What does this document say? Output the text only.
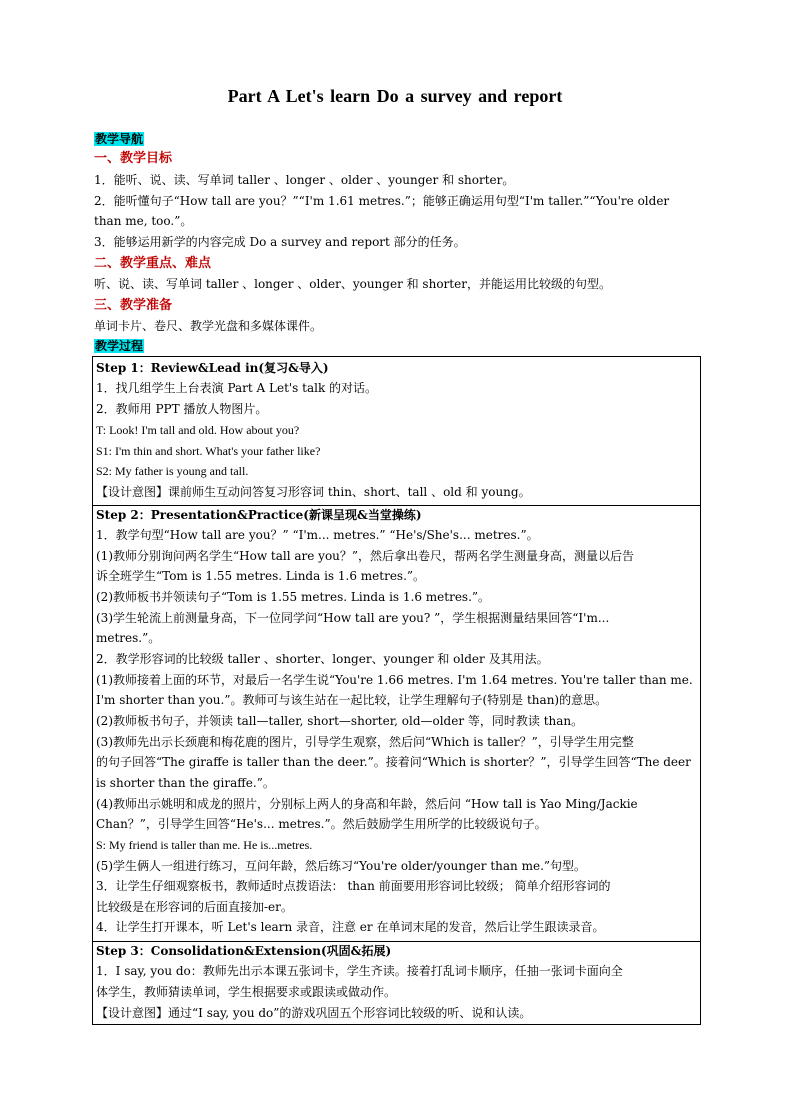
Part A Let's learn Do a survey and report
教学导航
一、教学目标
1．能听、说、读、写单词 taller 、longer 、older 、younger 和 shorter。
2．能听懂句子“How tall are you？”“I'm 1.61 metres.”；能够正确运用句型“I'm taller.”“You're older
than me, too.”。
3．能够运用新学的内容完成 Do a survey and report 部分的任务。
二、教学重点、难点
听、说、读、写单词 taller 、longer 、older、younger 和 shorter，并能运用比较级的句型。
三、教学准备
单词卡片、卷尺、教学光盘和多媒体课件。
教学过程
Step 1：Review&Lead in(复习&导入)
1．找几组学生上台表演 Part A Let's talk 的对话。
2．教师用 PPT 播放人物图片。
T: Look! I'm tall and old. How about you?
S1: I'm thin and short. What's your father like?
S2: My father is young and tall.
【设计意图】课前师生互动问答复习形容词 thin、short、tall 、old 和 young。
Step 2：Presentation&Practice(新课呈现&当堂操练)
1．教学句型“How tall are you？” “I'm... metres.” “He's/She's... metres.”。
(1)教师分别询问两名学生“How tall are you？”，然后拿出卷尺，帮两名学生测量身高，测量以后告
诉全班学生“Tom is 1.55 metres. Linda is 1.6 metres.”。
(2)教师板书并领读句子“Tom is 1.55 metres. Linda is 1.6 metres.”。
(3)学生轮流上前测量身高，下一位同学问“How tall are you? ”，学生根据测量结果回答“I'm...
metres.”。
2．教学形容词的比较级 taller 、shorter、longer、younger 和 older 及其用法。
(1)教师接着上面的环节，对最后一名学生说“You're 1.66 metres. I'm 1.64 metres. You're taller than me.
I'm shorter than you.”。教师可与该生站在一起比较，让学生理解句子(特别是 than)的意思。
(2)教师板书句子，并领读 tall—taller, short—shorter, old—older 等，同时教读 than。
(3)教师先出示长颈鹿和梅花鹿的图片，引导学生观察，然后问“Which is taller？”，引导学生用完整
的句子回答“The giraffe is taller than the deer.”。接着问“Which is shorter？”，引导学生回答“The deer
is shorter than the giraffe.”。
(4)教师出示姚明和成龙的照片，分别标上两人的身高和年龄，然后问 “How tall is Yao Ming/Jackie
Chan？”，引导学生回答“He's... metres.”。然后鼓励学生用所学的比较级说句子。
S: My friend is taller than me. He is...metres.
(5)学生俩人一组进行练习，互问年龄，然后练习“You're older/younger than me.”句型。
3．让学生仔细观察板书，教师适时点拨语法： than 前面要用形容词比较级； 简单介绍形容词的
比较级是在形容词的后面直接加-er。
4．让学生打开课本，听 Let's learn 录音，注意 er 在单词末尾的发音，然后让学生跟读录音。
Step 3：Consolidation&Extension(巩固&拓展)
1．I say, you do：教师先出示本课五张词卡，学生齐读。接着打乱词卡顺序，任抽一张词卡面向全
体学生，教师猜读单词，学生根据要求或跟读或做动作。
【设计意图】通过“I say, you do”的游戏巩固五个形容词比较级的听、说和认读。
